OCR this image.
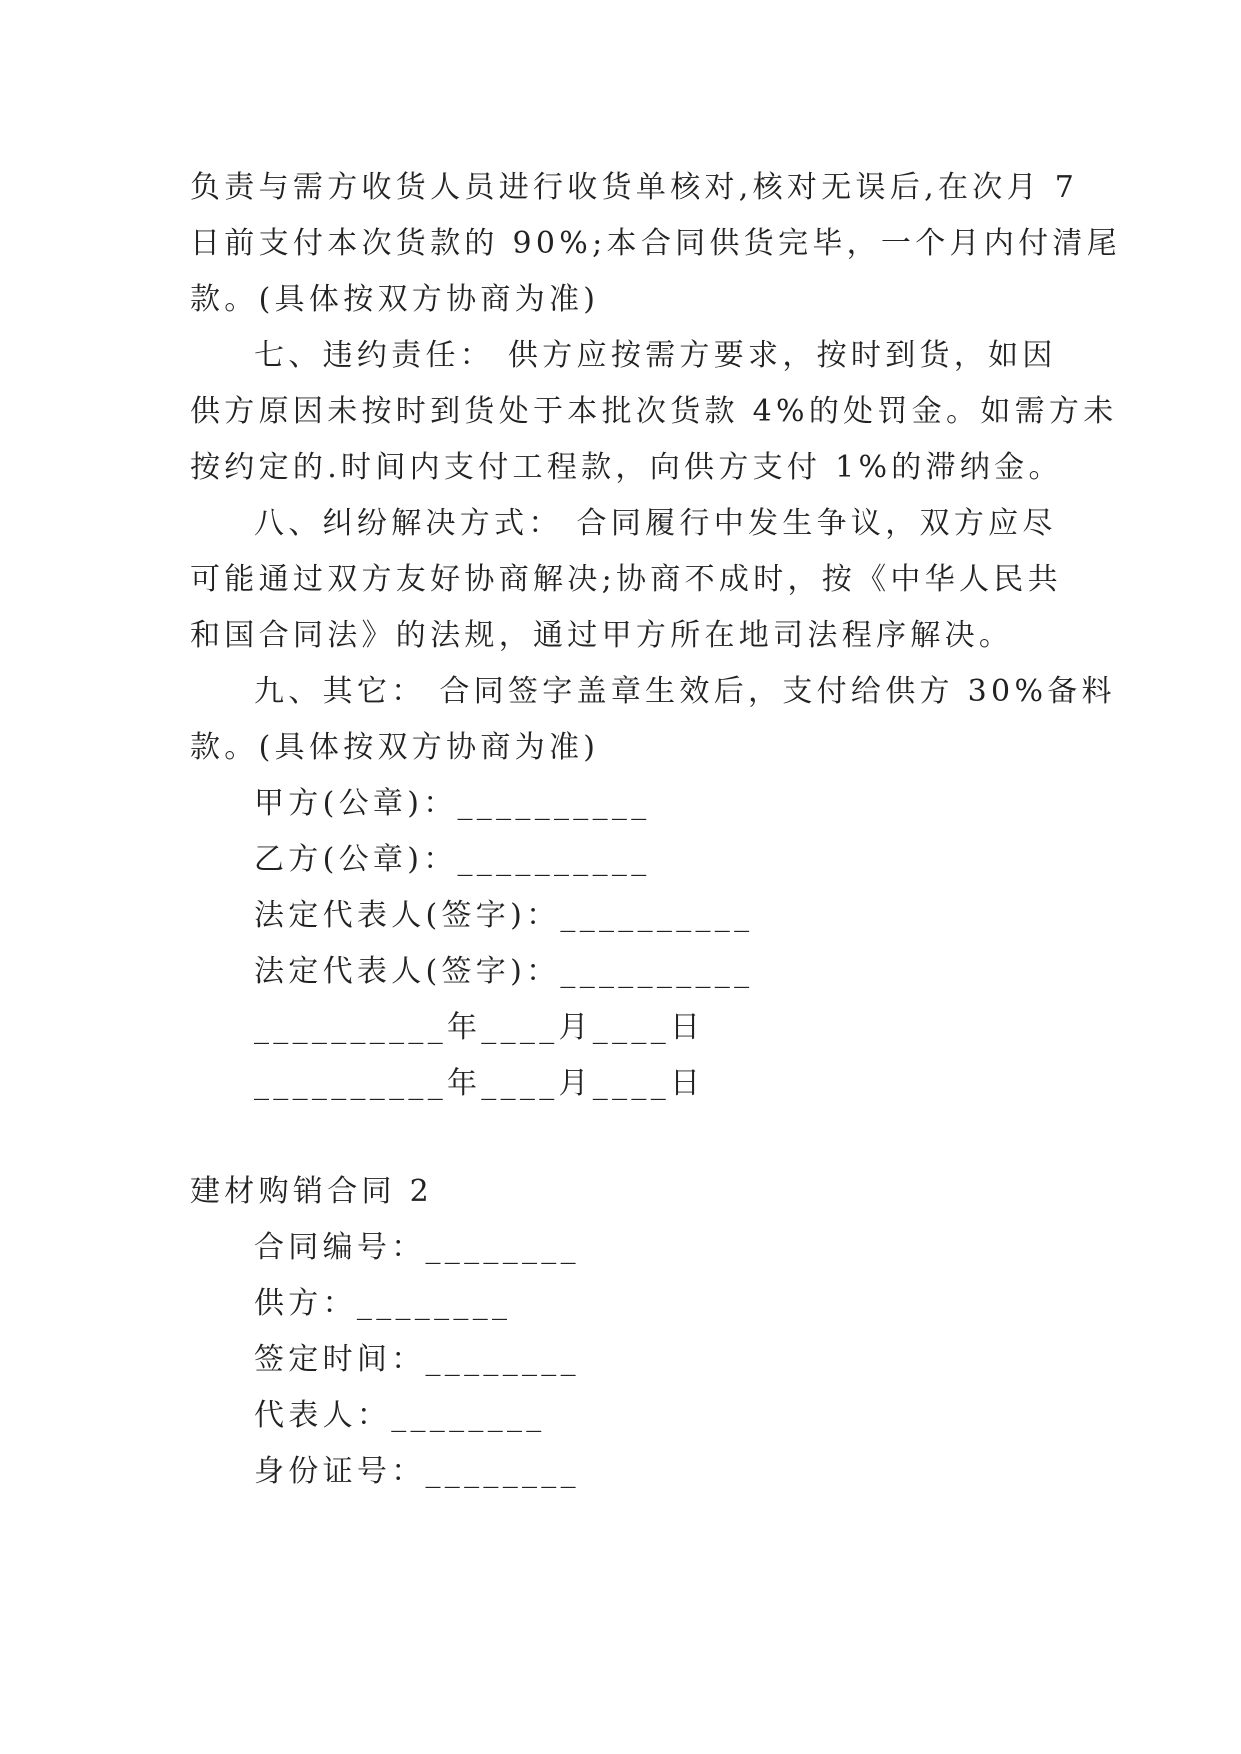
负责与需方收货人员进行收货单核对,核对无误后,在次月 7
日前支付本次货款的 90%;本合同供货完毕，一个月内付清尾
款。(具体按双方协商为准)
七、违约责任： 供方应按需方要求，按时到货，如因
供方原因未按时到货处于本批次货款 4%的处罚金。如需方未
按约定的.时间内支付工程款，向供方支付 1%的滞纳金。
八、纠纷解决方式： 合同履行中发生争议，双方应尽
可能通过双方友好协商解决;协商不成时，按《中华人民共
和国合同法》的法规，通过甲方所在地司法程序解决。
九、其它： 合同签字盖章生效后，支付给供方 30%备料
款。(具体按双方协商为准)
甲方(公章)：__________
乙方(公章)：__________
法定代表人(签字)：__________
法定代表人(签字)：__________
__________年____月____日
__________年____月____日
建材购销合同 2
合同编号：________
供方：________
签定时间：________
代表人：________
身份证号：________
